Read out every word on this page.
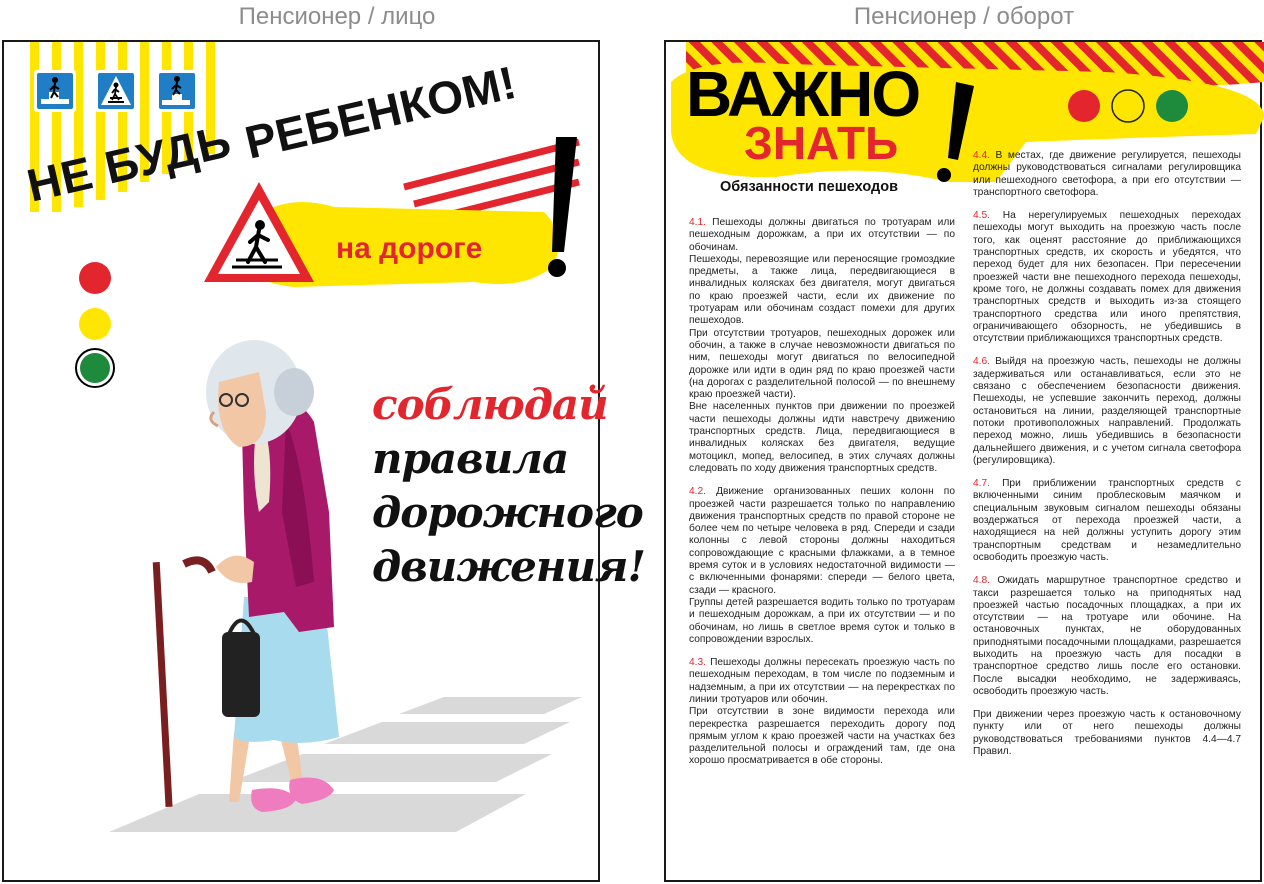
Пенсионер / лицо	Пенсионер / оборот
НЕ БУДЬ РЕБЕНКОМ!
на дороге
соблюдай
правила
дорожного
движения!
ВАЖНО
ЗНАТЬ
Обязанности пешеходов

4.1. Пешеходы должны двигаться по тротуарам или пешеходным дорожкам, а при их отсутствии — по обочинам.

Пешеходы, перевозящие или переносящие громоздкие предметы, а также лица, передвигающиеся в инвалидных колясках без двигателя, могут двигаться по краю проезжей части, если их движение по тротуарам или обочинам создаст помехи для других пешеходов.

При отсутствии тротуаров, пешеходных дорожек или обочин, а также в случае невозможности двигаться по ним, пешеходы могут двигаться по велосипедной дорожке или идти в один ряд по краю проезжей части (на дорогах с разделительной полосой — по внешнему краю проезжей части).

Вне населенных пунктов при движении по проезжей части пешеходы должны идти навстречу движению транспортных средств. Лица, передвигающиеся в инвалидных колясках без двигателя, ведущие мотоцикл, мопед, велосипед, в этих случаях должны следовать по ходу движения транспортных средств.

4.2. Движение организованных пеших колонн по проезжей части разрешается только по направлению движения транспортных средств по правой стороне не более чем по четыре человека в ряд. Спереди и сзади колонны с левой стороны должны находиться сопровождающие с красными флажками, а в темное время суток и в условиях недостаточной видимости — с включенными фонарями: спереди — белого цвета, сзади — красного.

Группы детей разрешается водить только по тротуарам и пешеходным дорожкам, а при их отсутствии — и по обочинам, но лишь в светлое время суток и только в сопровождении взрослых.

4.3. Пешеходы должны пересекать проезжую часть по пешеходным переходам, в том числе по подземным и надземным, а при их отсутствии — на перекрестках по линии тротуаров или обочин.

При отсутствии в зоне видимости перехода или перекрестка разрешается переходить дорогу под прямым углом к краю проезжей части на участках без разделительной полосы и ограждений там, где она хорошо просматривается в обе стороны.

4.4. В местах, где движение регулируется, пешеходы должны руководствоваться сигналами регулировщика или пешеходного светофора, а при его отсутствии — транспортного светофора.

4.5. На нерегулируемых пешеходных переходах пешеходы могут выходить на проезжую часть после того, как оценят расстояние до приближающихся транспортных средств, их скорость и убедятся, что переход будет для них безопасен. При пересечении проезжей части вне пешеходного перехода пешеходы, кроме того, не должны создавать помех для движения транспортных средств и выходить из-за стоящего транспортного средства или иного препятствия, ограничивающего обзорность, не убедившись в отсутствии приближающихся транспортных средств.

4.6. Выйдя на проезжую часть, пешеходы не должны задерживаться или останавливаться, если это не связано с обеспечением безопасности движения. Пешеходы, не успевшие закончить переход, должны остановиться на линии, разделяющей транспортные потоки противоположных направлений. Продолжать переход можно, лишь убедившись в безопасности дальнейшего движения, и с учетом сигнала светофора (регулировщика).

4.7. При приближении транспортных средств с включенными синим проблесковым маячком и специальным звуковым сигналом пешеходы обязаны воздержаться от перехода проезжей части, а находящиеся на ней должны уступить дорогу этим транспортным средствам и незамедлительно освободить проезжую часть.

4.8. Ожидать маршрутное транспортное средство и такси разрешается только на приподнятых над проезжей частью посадочных площадках, а при их отсутствии — на тротуаре или обочине. На остановочных пунктах, не оборудованных приподнятыми посадочными площадками, разрешается выходить на проезжую часть для посадки в транспортное средство лишь после его остановки. После высадки необходимо, не задерживаясь, освободить проезжую часть.

При движении через проезжую часть к остановочному пункту или от него пешеходы должны руководствоваться требованиями пунктов 4.4—4.7 Правил.
